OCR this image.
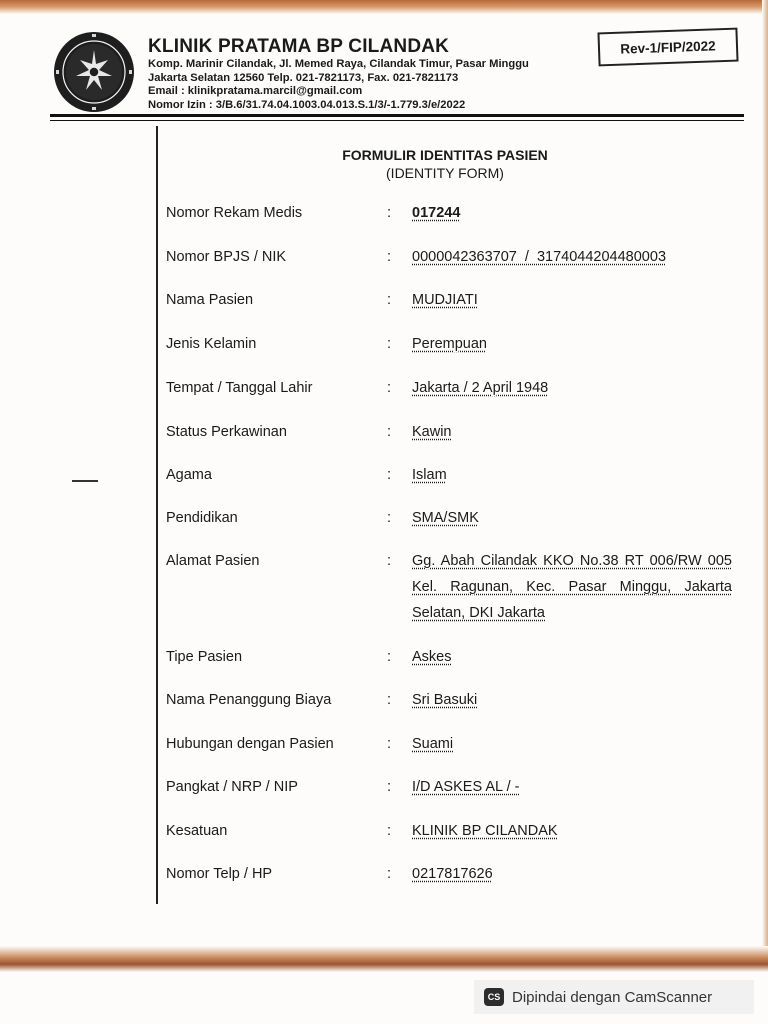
KLINIK PRATAMA BP CILANDAK
Komp. Marinir Cilandak, Jl. Memed Raya, Cilandak Timur, Pasar Minggu
Jakarta Selatan 12560 Telp. 021-7821173, Fax. 021-7821173
Email : klinikpratama.marcil@gmail.com
Nomor Izin : 3/B.6/31.74.04.1003.04.013.S.1/3/-1.779.3/e/2022
Rev-1/FIP/2022
FORMULIR IDENTITAS PASIEN
(IDENTITY FORM)
Nomor Rekam Medis	: 017244
Nomor BPJS / NIK	: 0000042363707  /  3174044204480003
Nama Pasien	: MUDJIATI
Jenis Kelamin	: Perempuan
Tempat / Tanggal Lahir	: Jakarta / 2 April 1948
Status Perkawinan	: Kawin
Agama	: Islam
Pendidikan	: SMA/SMK
Alamat Pasien	: Gg. Abah Cilandak KKO No.38 RT 006/RW 005 Kel. Ragunan, Kec. Pasar Minggu, Jakarta Selatan, DKI Jakarta
Tipe Pasien	: Askes
Nama Penanggung Biaya	: Sri Basuki
Hubungan dengan Pasien	: Suami
Pangkat / NRP / NIP	: I/D ASKES AL / -
Kesatuan	: KLINIK BP CILANDAK
Nomor Telp / HP	: 0217817626
CS Dipindai dengan CamScanner
